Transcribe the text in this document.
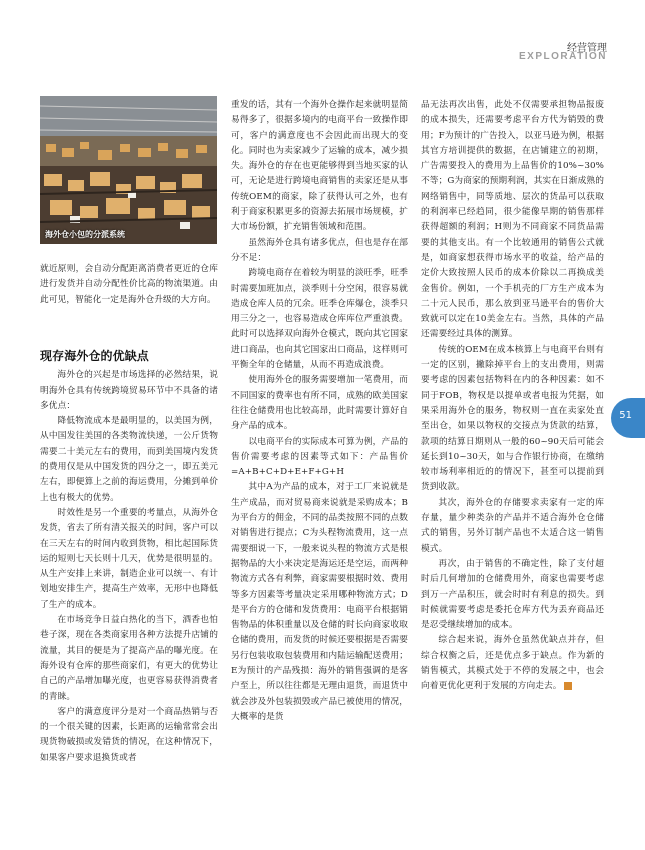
经营管理
EXPLORATION
海外仓小包的分派系统

就近原则，会自动分配距离消费者更近的仓库进行发货并自动分配性价比高的物流渠道。由此可见，智能化一定是海外仓升级的大方向。

现存海外仓的优缺点

海外仓的兴起是市场选择的必然结果，说明海外仓具有传统跨境贸易环节中不具备的诸多优点：

降低物流成本是最明显的，以美国为例，从中国发往美国的各类物流快递，一公斤货物需要二十美元左右的费用，而到美国境内发货的费用仅是从中国发货的四分之一，即五美元左右，即便算上之前的海运费用，分摊到单价上也有极大的优势。

时效性是另一个重要的考量点，从海外仓发货，省去了所有清关报关的时间，客户可以在三天左右的时间内收到货物，相比起国际货运的短则七天长则十几天，优势是很明显的。从生产安排上来讲，制造企业可以统一、有计划地安排生产，提高生产效率，无形中也降低了生产的成本。

在市场竞争日益白热化的当下，酒香也怕巷子深，现在各类商家用各种方法提升店铺的流量，其目的便是为了提高产品的曝光度。在海外设有仓库的那些商家们，有更大的优势让自己的产品增加曝光度，也更容易获得消费者的青睐。

客户的满意度评分是对一个商品热销与否的一个很关键的因素，长距离的运输常常会出现货物破损或发错货的情况，在这种情况下，如果客户要求退换货或者

重发的话，其有一个海外仓操作起来就明显简易得多了，很据多境内的电商平台一致操作即可，客户的满意度也不会因此而出现大的变化。同时也为卖家减少了运输的成本，减少损失。海外仓的存在也更能够得到当地买家的认可，无论是进行跨境电商销售的卖家还是从事传统OEM的商家，除了获得认可之外，也有利于商家积累更多的资源去拓展市场规模，扩大市场份额，扩充销售领域和范围。

虽然海外仓具有诸多优点，但也是存在部分不足：

跨境电商存在着较为明显的淡旺季，旺季时需要加班加点，淡季则十分空闲，很容易就造成仓库人员的冗余。旺季仓库爆仓，淡季只用三分之一，也容易造成仓库库位严重浪费。此时可以选择双向海外仓模式，既向其它国家进口商品，也向其它国家出口商品，这样则可平衡全年的仓储量，从而不再造成浪费。

使用海外仓的服务需要增加一笔费用，而不同国家的费率也有所不同，成熟的欧美国家往往仓储费用也比较高昂，此时需要计算好自身产品的成本。

以电商平台的实际成本可算为例，产品的售价需要考虑的因素等式如下：产品售价=A+B+C+D+E+F+G+H

其中A为产品的成本，对于工厂来说就是生产成品，而对贸易商来说就是采购成本；B为平台方的佣金，不同的品类按照不同的点数对销售进行提点；C为头程物流费用，这一点需要细说一下，一般来说头程的物流方式是根据物品的大小来决定是海运还是空运，而两种物流方式各有利弊，商家需要根据时效、费用等多方因素等考量决定采用哪种物流方式；D是平台方的仓储和发货费用：电商平台根据销售物品的体积重量以及仓储的时长向商家收取仓储的费用，而发货的时候还要根据是否需要另行包装收取包装费用和内陆运输配送费用；E为预计的产品残损：海外的销售强调的是客户至上，所以往往都是无理由退货，而退货中就会涉及外包装损毁或产品已被使用的情况，大概率的是货

品无法再次出售，此处不仅需要承担物品报废的成本损失，还需要考虑平台方代为销毁的费用；F为预计的广告投入，以亚马逊为例，根据其官方培训提供的数据，在店铺建立的初期，广告需要投入的费用为上品售价的10%~30%不等；G为商家的预期利润，其实在日渐成熟的网络销售中，同等质地、层次的货品可以获取的利润率已经趋同，很少能像早期的销售那样获得超额的利润；H则为不同商家不同货品需要的其他支出。有一个比较通用的销售公式就是，如商家想获得市场水平的收益，给产品的定价大致按照人民币的成本价除以二再换成美金售价。例如，一个手机壳的厂方生产成本为二十元人民币，那么放到亚马逊平台的售价大致就可以定在10美金左右。当然，具体的产品还需要经过具体的测算。

传统的OEM在成本核算上与电商平台则有一定的区别，撇除掉平台上的支出费用，则需要考虑的因素包括物料在内的各种因素：如不同于FOB，物权是以提单或者电报为凭据，如果采用海外仓的服务，物权则一直在卖家处直至出仓，如果以物权的交接点为货款的结算，款项的结算日期则从一般的60~90天后可能会延长到10~30天，如与合作银行协商，在缴纳较市场利率相近的的情况下，甚至可以提前到货到收款。

其次，海外仓的存储要求卖家有一定的库存量，量少种类杂的产品并不适合海外仓仓储式的销售，另外订制产品也不太适合这一销售模式。

再次，由于销售的不确定性，除了支付超时后几何增加的仓储费用外，商家也需要考虑到万一产品积压，就会时时有利息的损失。到时候就需要考虑是委托仓库方代为丢弃商品还是忍受继续增加的成本。

综合起来说，海外仓虽然优缺点并存，但综合权衡之后，还是优点多于缺点。作为新的销售模式，其模式处于不停的发展之中，也会向着更优化更利于发展的方向走去。

51
